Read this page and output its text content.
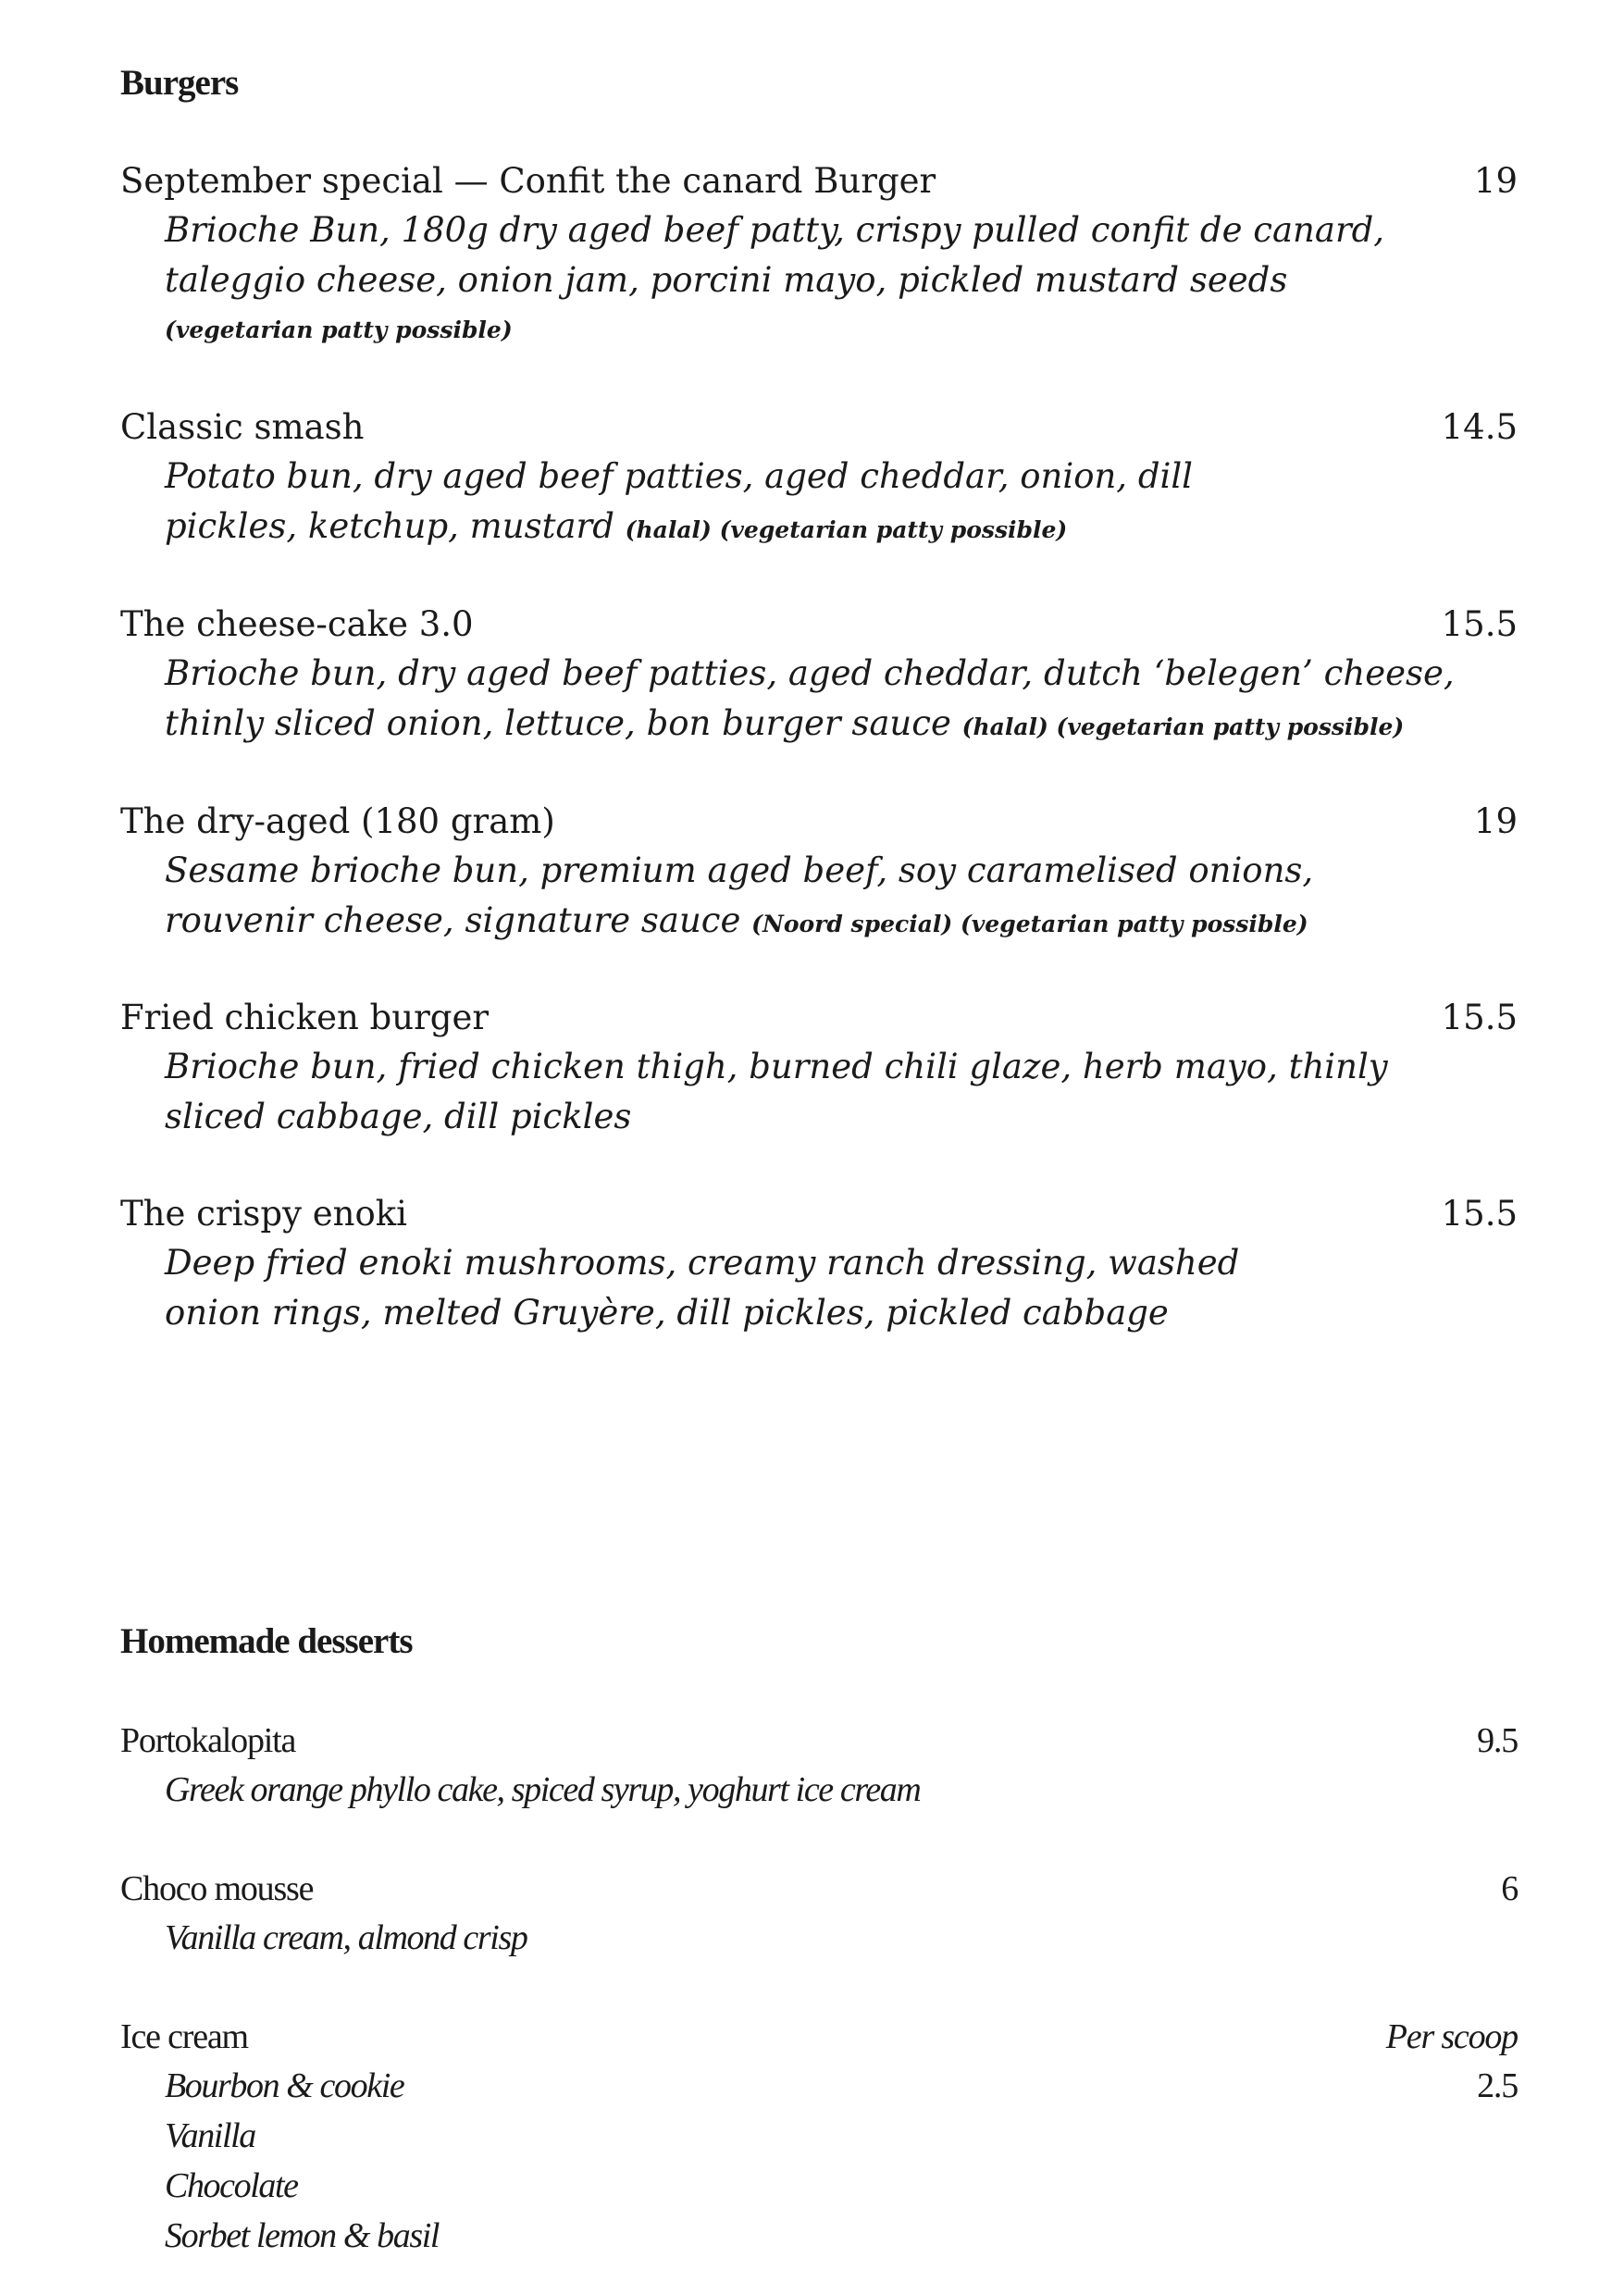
Burgers
September special — Confit the canard Burger	19
Brioche Bun, 180g dry aged beef patty, crispy pulled confit de canard,
taleggio cheese, onion jam, porcini mayo, pickled mustard seeds
(vegetarian patty possible)
Classic smash	14.5
Potato bun, dry aged beef patties, aged cheddar, onion, dill
pickles, ketchup, mustard (halal) (vegetarian patty possible)
The cheese-cake 3.0	15.5
Brioche bun, dry aged beef patties, aged cheddar, dutch ‘belegen’ cheese,
thinly sliced onion, lettuce, bon burger sauce (halal) (vegetarian patty possible)
The dry-aged (180 gram)	19
Sesame brioche bun, premium aged beef, soy caramelised onions,
rouvenir cheese, signature sauce (Noord special) (vegetarian patty possible)
Fried chicken burger	15.5
Brioche bun, fried chicken thigh, burned chili glaze, herb mayo, thinly
sliced cabbage, dill pickles
The crispy enoki	15.5
Deep fried enoki mushrooms, creamy ranch dressing, washed
onion rings, melted Gruyère, dill pickles, pickled cabbage
Homemade desserts
Portokalopita	9.5
Greek orange phyllo cake, spiced syrup, yoghurt ice cream
Choco mousse	6
Vanilla cream, almond crisp
Ice cream	Per scoop
Bourbon & cookie	2.5
Vanilla
Chocolate
Sorbet lemon & basil
